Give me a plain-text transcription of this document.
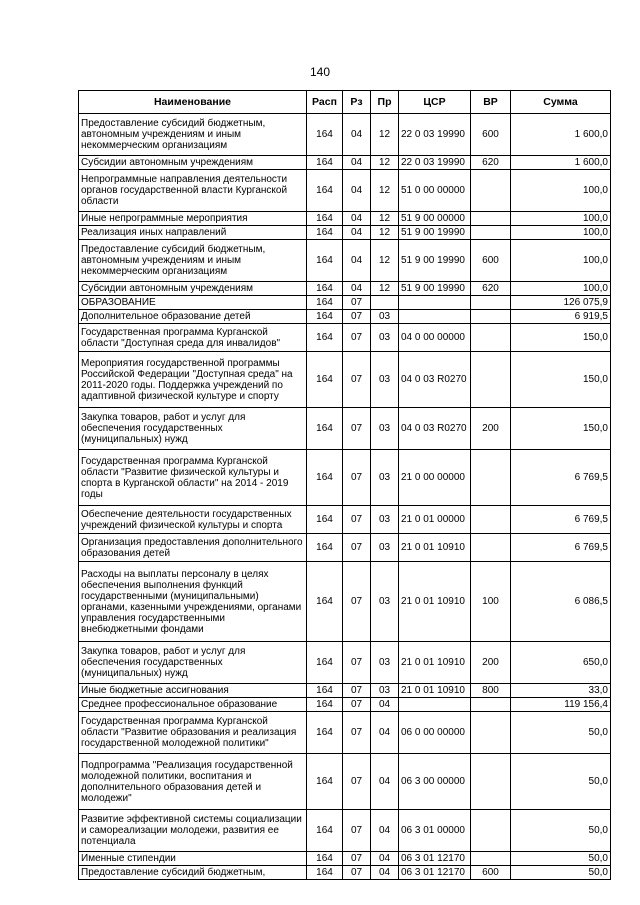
140
Наименование	Расп	Рз	Пр	ЦСР	ВР	Сумма
Предоставление субсидий бюджетным, автономным учреждениям и иным некоммерческим организациям	164	04	12	22 0 03 19990	600	1 600,0
Субсидии автономным учреждениям	164	04	12	22 0 03 19990	620	1 600,0
Непрограммные направления деятельности органов государственной власти Курганской области	164	04	12	51 0 00 00000		100,0
Иные непрограммные мероприятия	164	04	12	51 9 00 00000		100,0
Реализация иных направлений	164	04	12	51 9 00 19990		100,0
Предоставление субсидий бюджетным, автономным учреждениям и иным некоммерческим организациям	164	04	12	51 9 00 19990	600	100,0
Субсидии автономным учреждениям	164	04	12	51 9 00 19990	620	100,0
ОБРАЗОВАНИЕ	164	07				126 075,9
Дополнительное образование детей	164	07	03			6 919,5
Государственная программа Курганской области "Доступная среда для инвалидов"	164	07	03	04 0 00 00000		150,0
Мероприятия государственной программы Российской Федерации "Доступная среда" на 2011-2020 годы. Поддержка учреждений по адаптивной физической культуре и спорту	164	07	03	04 0 03 R0270		150,0
Закупка товаров, работ и услуг для обеспечения государственных (муниципальных) нужд	164	07	03	04 0 03 R0270	200	150,0
Государственная программа Курганской области "Развитие физической культуры и спорта в Курганской области" на 2014 - 2019 годы	164	07	03	21 0 00 00000		6 769,5
Обеспечение деятельности государственных учреждений физической культуры и спорта	164	07	03	21 0 01 00000		6 769,5
Организация предоставления дополнительного образования детей	164	07	03	21 0 01 10910		6 769,5
Расходы на выплаты персоналу в целях обеспечения выполнения функций государственными (муниципальными) органами, казенными учреждениями, органами управления государственными внебюджетными фондами	164	07	03	21 0 01 10910	100	6 086,5
Закупка товаров, работ и услуг для обеспечения государственных (муниципальных) нужд	164	07	03	21 0 01 10910	200	650,0
Иные бюджетные ассигнования	164	07	03	21 0 01 10910	800	33,0
Среднее профессиональное образование	164	07	04			119 156,4
Государственная программа Курганской области "Развитие образования и реализация государственной молодежной политики"	164	07	04	06 0 00 00000		50,0
Подпрограмма "Реализация государственной молодежной политики, воспитания и дополнительного образования детей и молодежи"	164	07	04	06 3 00 00000		50,0
Развитие эффективной системы социализации и самореализации молодежи, развития ее потенциала	164	07	04	06 3 01 00000		50,0
Именные стипендии	164	07	04	06 3 01 12170		50,0
Предоставление субсидий бюджетным,	164	07	04	06 3 01 12170	600	50,0
